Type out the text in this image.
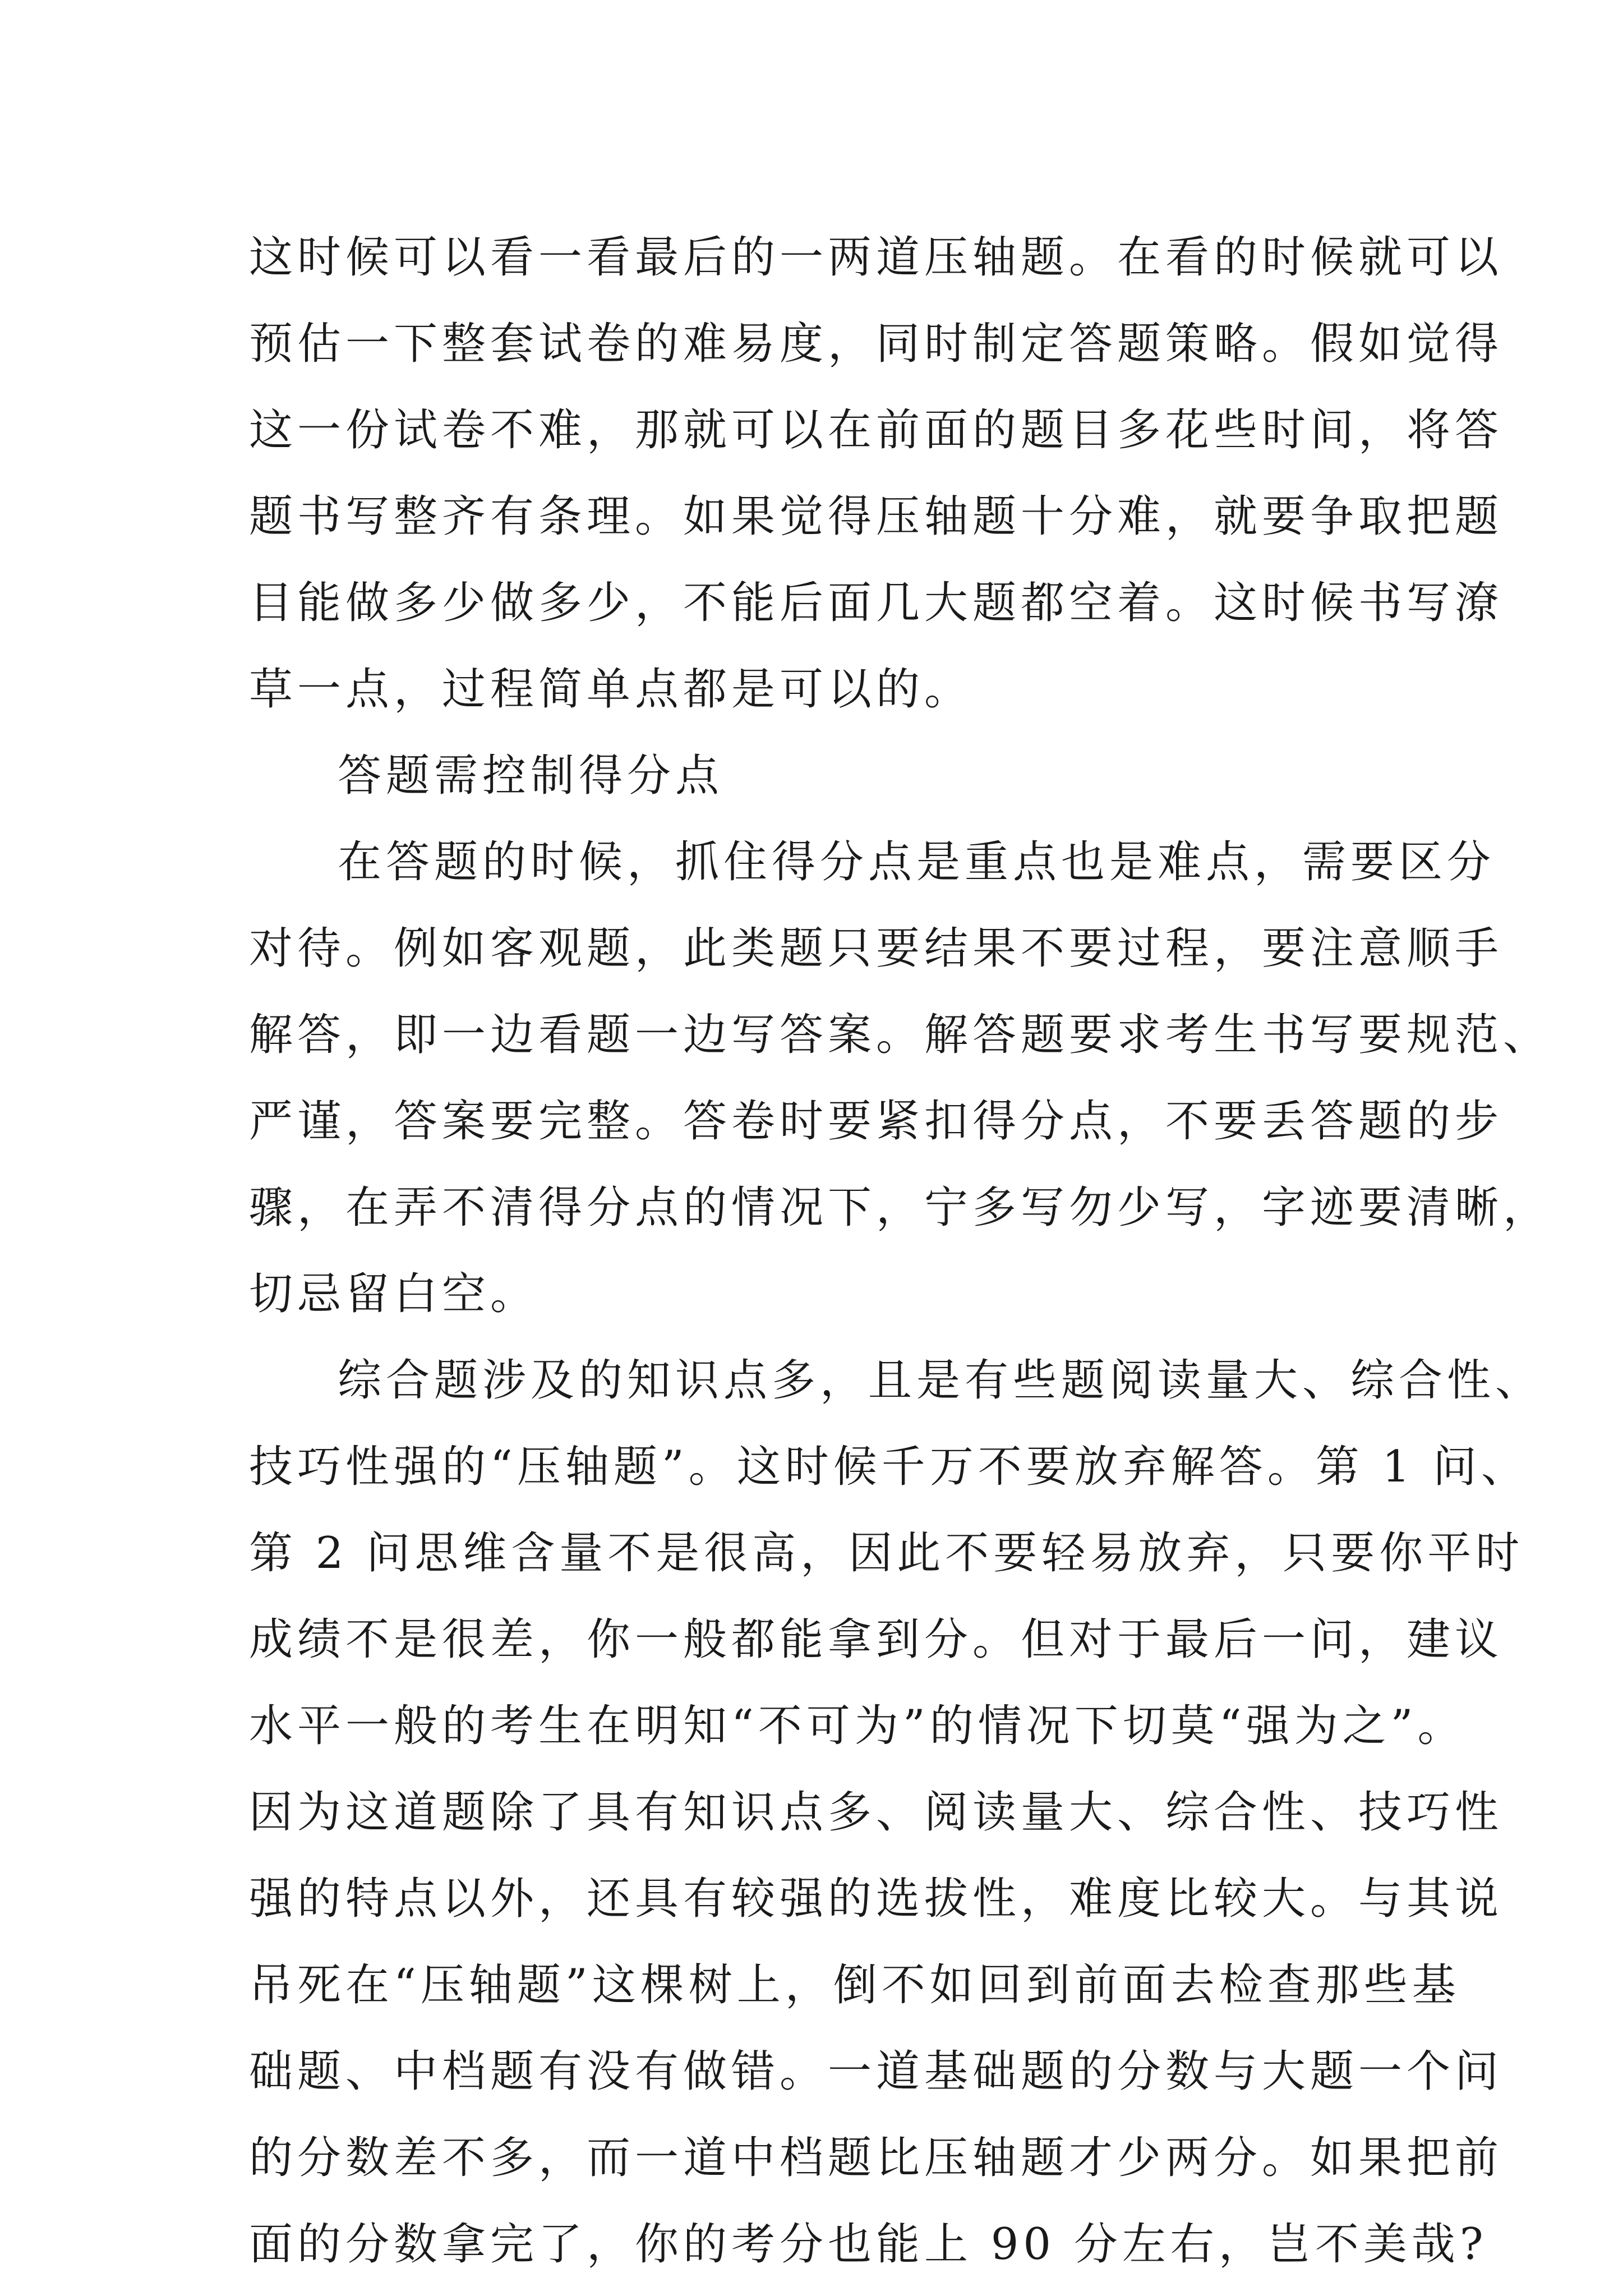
这时候可以看一看最后的一两道压轴题。在看的时候就可以
预估一下整套试卷的难易度，同时制定答题策略。假如觉得
这一份试卷不难，那就可以在前面的题目多花些时间，将答
题书写整齐有条理。如果觉得压轴题十分难，就要争取把题
目能做多少做多少，不能后面几大题都空着。这时候书写潦
草一点，过程简单点都是可以的。
答题需控制得分点
在答题的时候，抓住得分点是重点也是难点，需要区分
对待。例如客观题，此类题只要结果不要过程，要注意顺手
解答，即一边看题一边写答案。解答题要求考生书写要规范、
严谨，答案要完整。答卷时要紧扣得分点，不要丢答题的步
骤，在弄不清得分点的情况下，宁多写勿少写，字迹要清晰，
切忌留白空。
综合题涉及的知识点多，且是有些题阅读量大、综合性、
技巧性强的“压轴题”。这时候千万不要放弃解答。第 1 问、
第 2 问思维含量不是很高，因此不要轻易放弃，只要你平时
成绩不是很差，你一般都能拿到分。但对于最后一问，建议
水平一般的考生在明知“不可为”的情况下切莫“强为之”。
因为这道题除了具有知识点多、阅读量大、综合性、技巧性
强的特点以外，还具有较强的选拔性，难度比较大。与其说
吊死在“压轴题”这棵树上，倒不如回到前面去检查那些基
础题、中档题有没有做错。一道基础题的分数与大题一个问
的分数差不多，而一道中档题比压轴题才少两分。如果把前
面的分数拿完了，你的考分也能上 90 分左右，岂不美哉?
